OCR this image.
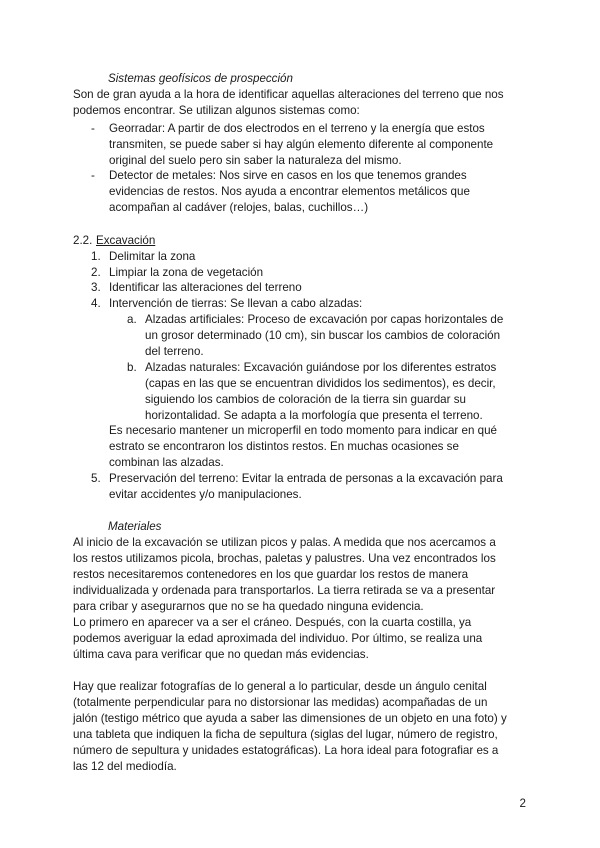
Sistemas geofísicos de prospección
Son de gran ayuda a la hora de identificar aquellas alteraciones del terreno que nos
podemos encontrar. Se utilizan algunos sistemas como:
- Georradar: A partir de dos electrodos en el terreno y la energía que estos
transmiten, se puede saber si hay algún elemento diferente al componente
original del suelo pero sin saber la naturaleza del mismo.
- Detector de metales: Nos sirve en casos en los que tenemos grandes
evidencias de restos. Nos ayuda a encontrar elementos metálicos que
acompañan al cadáver (relojes, balas, cuchillos…)
2.2. Excavación
1. Delimitar la zona
2. Limpiar la zona de vegetación
3. Identificar las alteraciones del terreno
4. Intervención de tierras: Se llevan a cabo alzadas:
a. Alzadas artificiales: Proceso de excavación por capas horizontales de
un grosor determinado (10 cm), sin buscar los cambios de coloración
del terreno.
b. Alzadas naturales: Excavación guiándose por los diferentes estratos
(capas en las que se encuentran divididos los sedimentos), es decir,
siguiendo los cambios de coloración de la tierra sin guardar su
horizontalidad. Se adapta a la morfología que presenta el terreno.
Es necesario mantener un microperfil en todo momento para indicar en qué
estrato se encontraron los distintos restos. En muchas ocasiones se
combinan las alzadas.
5. Preservación del terreno: Evitar la entrada de personas a la excavación para
evitar accidentes y/o manipulaciones.
Materiales
Al inicio de la excavación se utilizan picos y palas. A medida que nos acercamos a
los restos utilizamos picola, brochas, paletas y palustres. Una vez encontrados los
restos necesitaremos contenedores en los que guardar los restos de manera
individualizada y ordenada para transportarlos. La tierra retirada se va a presentar
para cribar y asegurarnos que no se ha quedado ninguna evidencia.
Lo primero en aparecer va a ser el cráneo. Después, con la cuarta costilla, ya
podemos averiguar la edad aproximada del individuo. Por último, se realiza una
última cava para verificar que no quedan más evidencias.
Hay que realizar fotografías de lo general a lo particular, desde un ángulo cenital
(totalmente perpendicular para no distorsionar las medidas) acompañadas de un
jalón (testigo métrico que ayuda a saber las dimensiones de un objeto en una foto) y
una tableta que indiquen la ficha de sepultura (siglas del lugar, número de registro,
número de sepultura y unidades estatográficas). La hora ideal para fotografiar es a
las 12 del mediodía.
2
